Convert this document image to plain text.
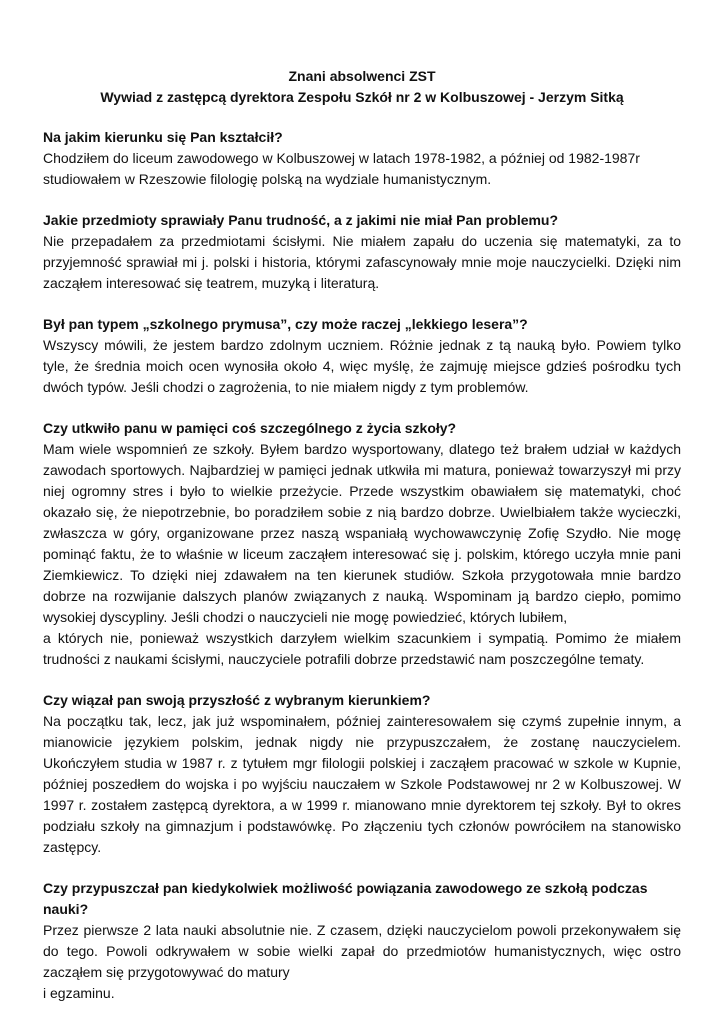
Znani absolwenci ZST
Wywiad z zastępcą dyrektora Zespołu Szkół nr 2 w Kolbuszowej - Jerzym Sitką
Na jakim kierunku się Pan kształcił?

Chodziłem do liceum zawodowego w Kolbuszowej w latach 1978-1982, a później od 1982-1987r studiowałem w Rzeszowie filologię polską na wydziale humanistycznym.

Jakie przedmioty sprawiały Panu trudność, a z jakimi nie miał Pan problemu?

Nie przepadałem za przedmiotami ścisłymi. Nie miałem zapału do uczenia się matematyki, za to przyjemność sprawiał mi j. polski i historia, którymi zafascynowały mnie moje nauczycielki. Dzięki nim zacząłem interesować się teatrem, muzyką i literaturą.

Był pan typem „szkolnego prymusa”, czy może raczej „lekkiego lesera”?

Wszyscy mówili, że jestem bardzo zdolnym uczniem. Różnie jednak z tą nauką było. Powiem tylko tyle, że średnia moich ocen wynosiła około 4, więc myślę, że zajmuję miejsce gdzieś pośrodku tych dwóch typów. Jeśli chodzi o zagrożenia, to nie miałem nigdy z tym problemów.

Czy utkwiło panu w pamięci coś szczególnego z życia szkoły?

Mam wiele wspomnień ze szkoły. Byłem bardzo wysportowany, dlatego też brałem udział w każdych zawodach sportowych. Najbardziej w pamięci jednak utkwiła mi matura, ponieważ towarzyszył mi przy niej ogromny stres i było to wielkie przeżycie. Przede wszystkim obawiałem się matematyki, choć okazało się, że niepotrzebnie, bo poradziłem sobie z nią bardzo dobrze. Uwielbiałem także wycieczki, zwłaszcza w góry, organizowane przez naszą wspaniałą wychowawczynię Zofię Szydło. Nie mogę pominąć faktu, że to właśnie w liceum zacząłem interesować się j. polskim, którego uczyła mnie pani Ziemkiewicz. To dzięki niej zdawałem na ten kierunek studiów. Szkoła przygotowała mnie bardzo dobrze na rozwijanie dalszych planów związanych z nauką. Wspominam ją bardzo ciepło, pomimo wysokiej dyscypliny. Jeśli chodzi o nauczycieli nie mogę powiedzieć, których lubiłem,

a których nie, ponieważ wszystkich darzyłem wielkim szacunkiem i sympatią. Pomimo że miałem trudności z naukami ścisłymi, nauczyciele potrafili dobrze przedstawić nam poszczególne tematy.

Czy wiązał pan swoją przyszłość z wybranym kierunkiem?

Na początku tak, lecz, jak już wspominałem, później zainteresowałem się czymś zupełnie innym, a mianowicie językiem polskim, jednak nigdy nie przypuszczałem, że zostanę nauczycielem. Ukończyłem studia w 1987 r. z tytułem mgr filologii polskiej i zacząłem pracować w szkole w Kupnie, później poszedłem do wojska i po wyjściu nauczałem w Szkole Podstawowej nr 2 w Kolbuszowej. W 1997 r. zostałem zastępcą dyrektora, a w 1999 r. mianowano mnie dyrektorem tej szkoły. Był to okres podziału szkoły na gimnazjum i podstawówkę. Po złączeniu tych członów powróciłem na stanowisko zastępcy.

Czy przypuszczał pan kiedykolwiek możliwość powiązania zawodowego ze szkołą podczas nauki?

Przez pierwsze 2 lata nauki absolutnie nie. Z czasem, dzięki nauczycielom powoli przekonywałem się do tego. Powoli odkrywałem w sobie wielki zapał do przedmiotów humanistycznych, więc ostro zacząłem się przygotowywać do matury

i egzaminu.
